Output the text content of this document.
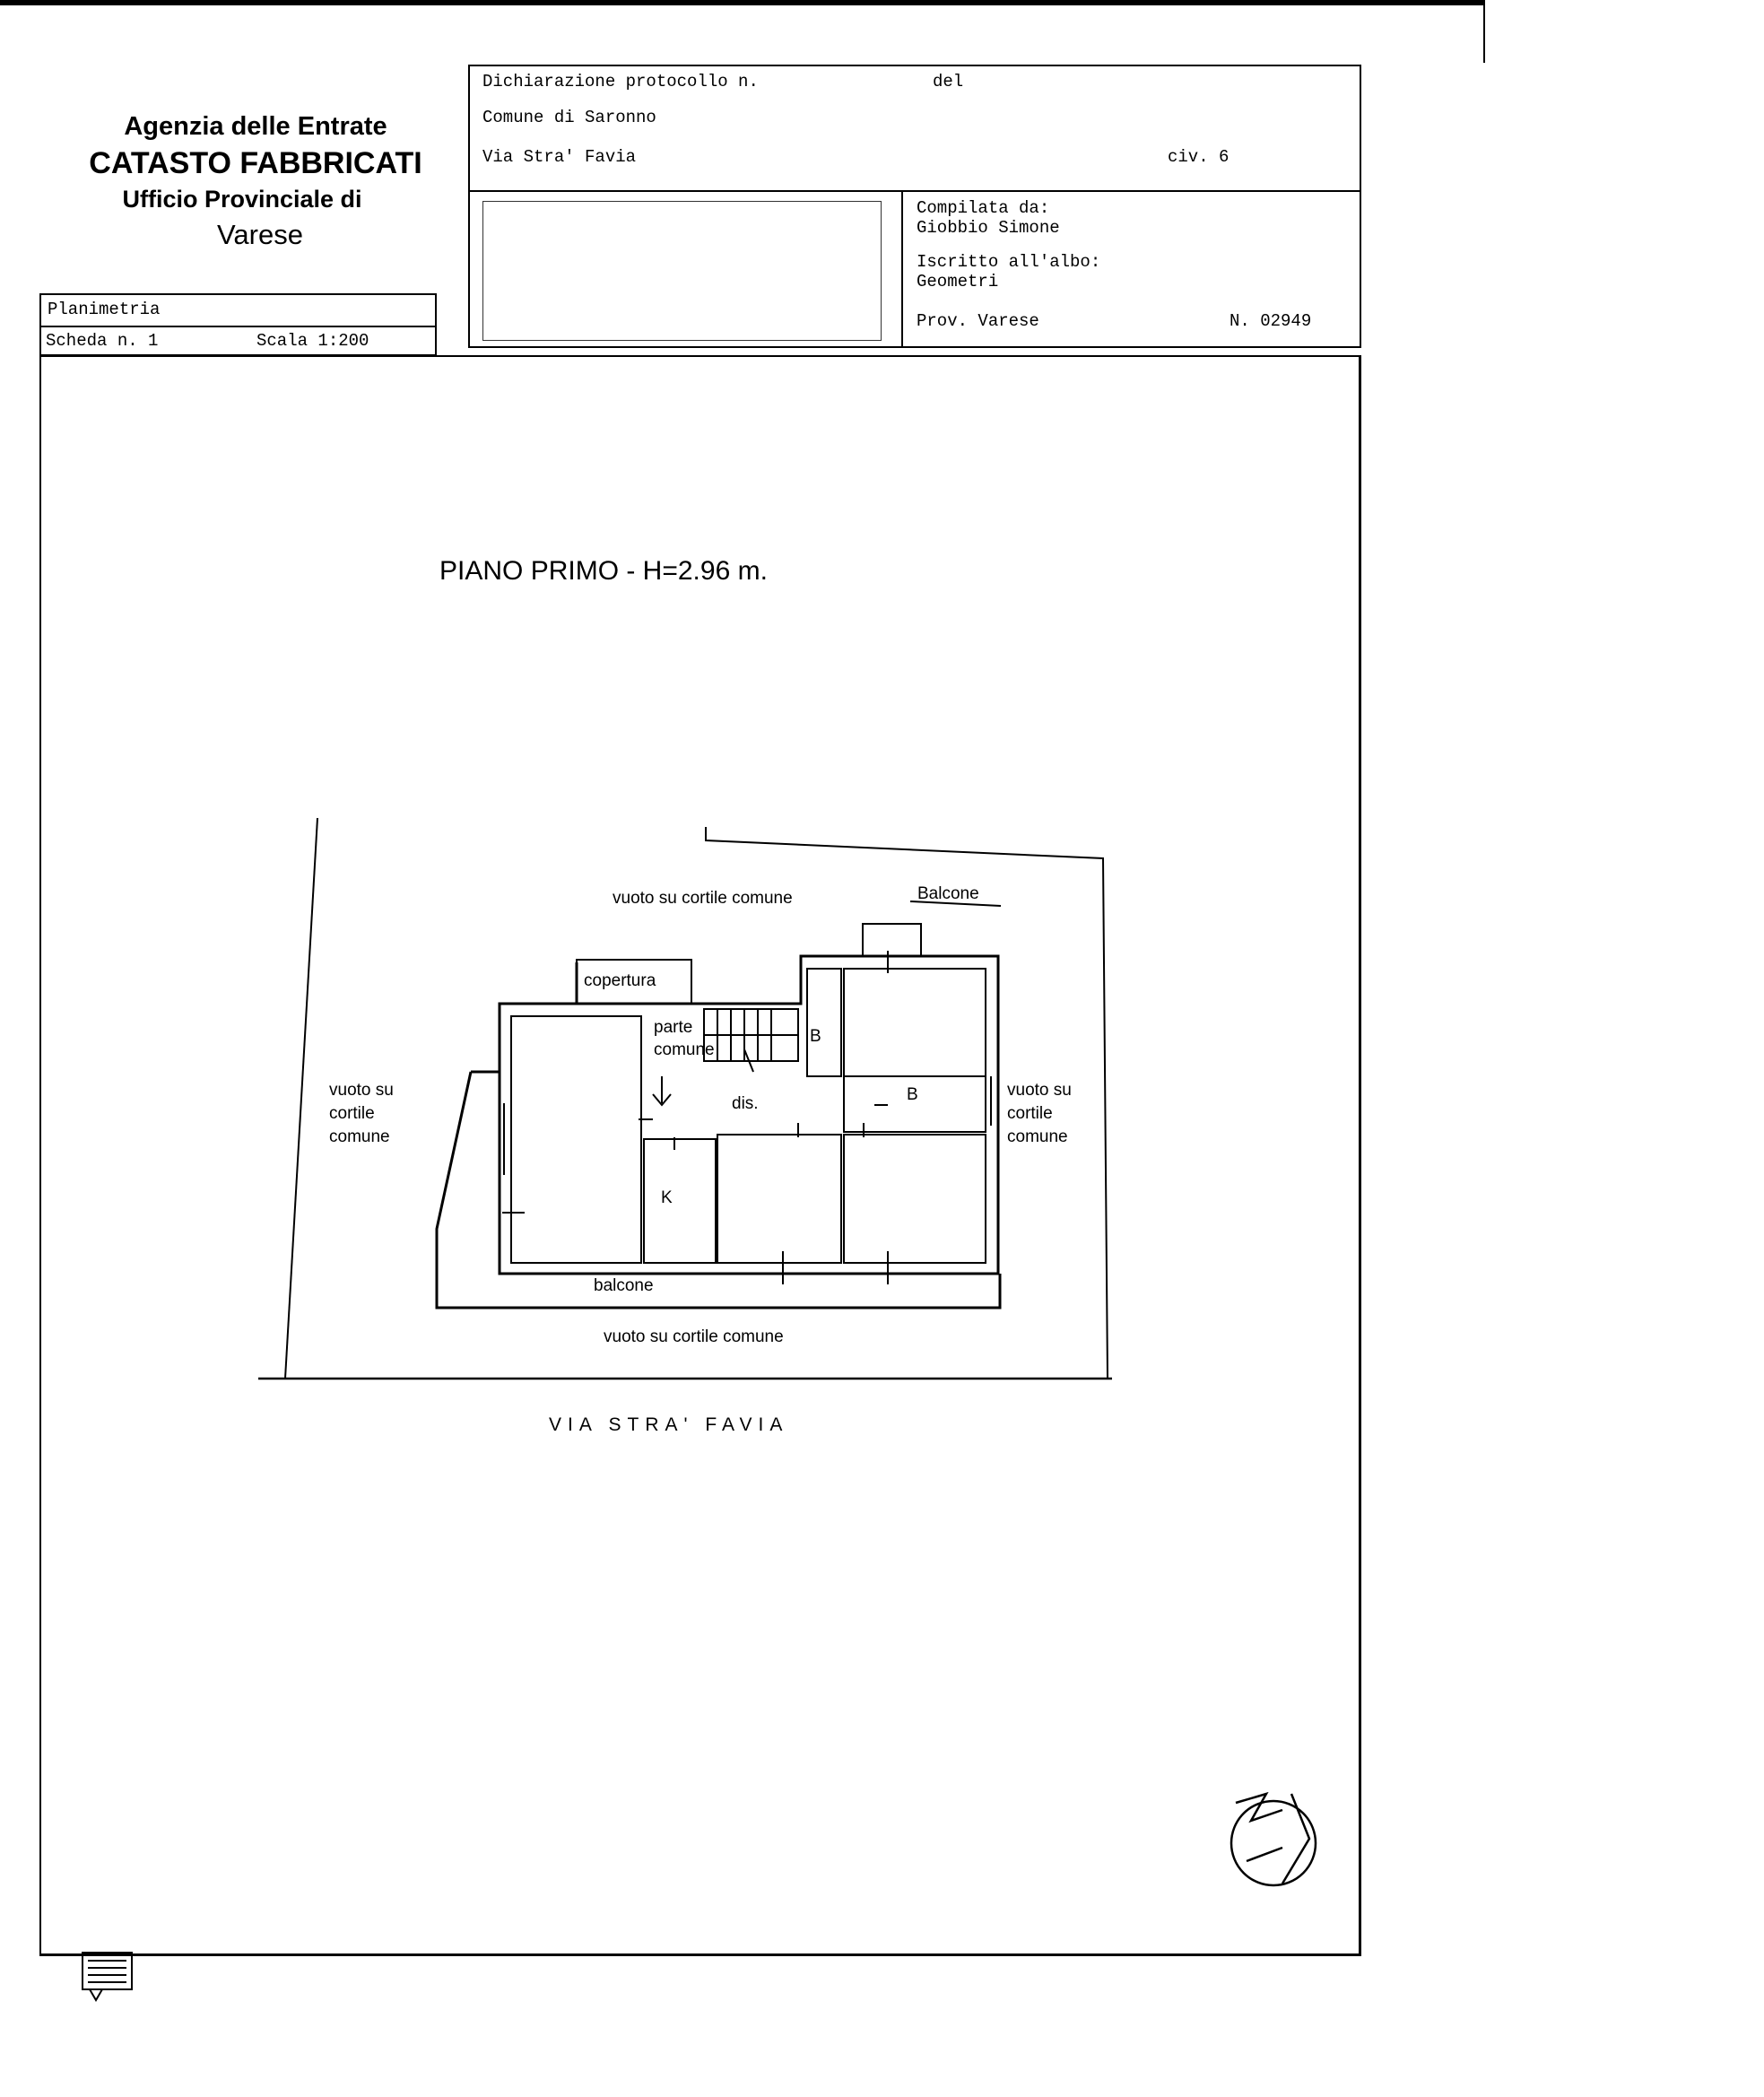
Agenzia delle Entrate
CATASTO FABBRICATI
Ufficio Provinciale di
Varese
Planimetria
Scheda n. 1	Scala 1:200
Dichiarazione protocollo n.	del
Comune di Saronno
Via Stra' Favia	civ. 6
Compilata da:
Giobbio Simone
Iscritto all'albo:
Geometri
Prov. Varese	N. 02949
PIANO PRIMO - H=2.96 m.
vuoto su cortile comune	Balcone
copertura
parte
comune
B
B
dis.
K
vuoto su
cortile
comune
vuoto su
cortile
comune
balcone
vuoto su cortile comune
VIA STRA' FAVIA
